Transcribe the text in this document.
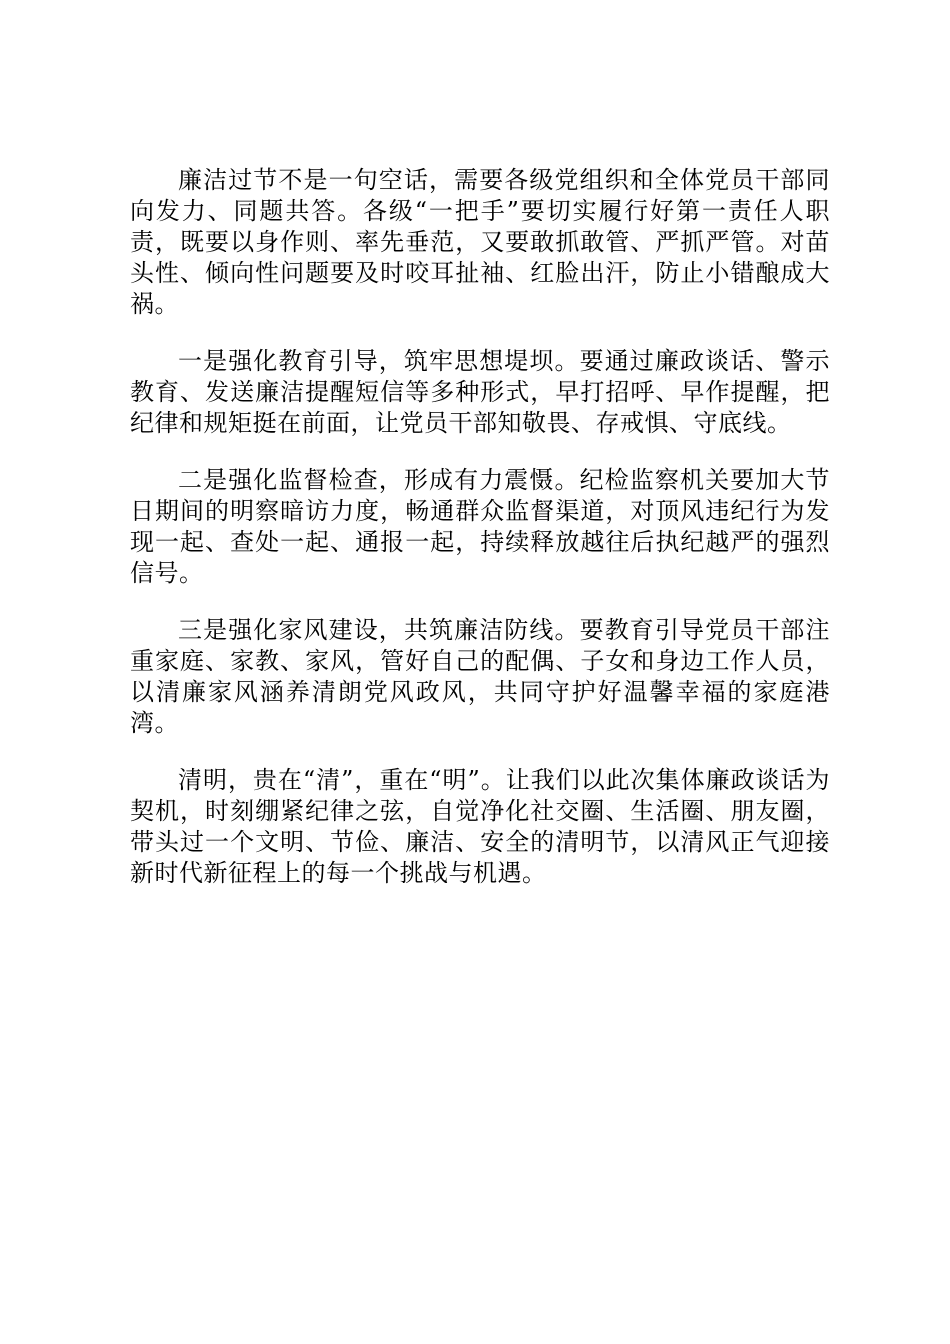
廉洁过节不是一句空话，需要各级党组织和全体党员干部同向发力、同题共答。各级“一把手”要切实履行好第一责任人职责，既要以身作则、率先垂范，又要敢抓敢管、严抓严管。对苗头性、倾向性问题要及时咬耳扯袖、红脸出汗，防止小错酿成大祸。

一是强化教育引导，筑牢思想堤坝。要通过廉政谈话、警示教育、发送廉洁提醒短信等多种形式，早打招呼、早作提醒，把纪律和规矩挺在前面，让党员干部知敬畏、存戒惧、守底线。

二是强化监督检查，形成有力震慑。纪检监察机关要加大节日期间的明察暗访力度，畅通群众监督渠道，对顶风违纪行为发现一起、查处一起、通报一起，持续释放越往后执纪越严的强烈信号。

三是强化家风建设，共筑廉洁防线。要教育引导党员干部注重家庭、家教、家风，管好自己的配偶、子女和身边工作人员，以清廉家风涵养清朗党风政风，共同守护好温馨幸福的家庭港湾。

清明，贵在“清”，重在“明”。让我们以此次集体廉政谈话为契机，时刻绷紧纪律之弦，自觉净化社交圈、生活圈、朋友圈，带头过一个文明、节俭、廉洁、安全的清明节，以清风正气迎接新时代新征程上的每一个挑战与机遇。
